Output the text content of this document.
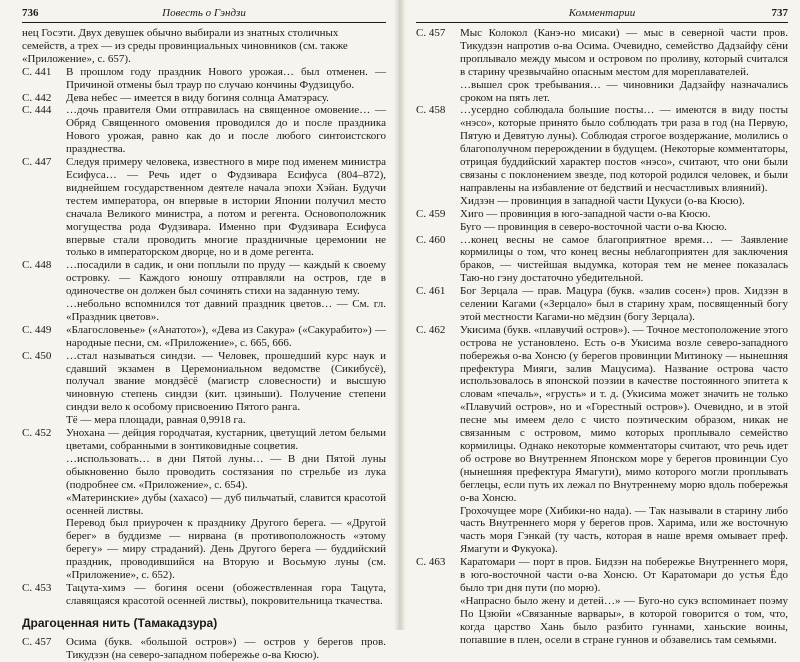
736	Повесть о Гэндзи
нец Госэти. Двух девушек обычно выбирали из знатных столичных семейств, а трех — из среды провинциальных чиновников (см. также «Приложение», с. 657).
С. 441	В прошлом году праздник Нового урожая… был отменен. — Причиной отмены был траур по случаю кончины Фудзицубо.
С. 442	Дева небес — имеется в виду богиня солнца Аматэрасу.
С. 444	…дочь правителя Оми отправилась на священное омовение… — Обряд Священного омовения проводился до и после праздника Нового урожая, равно как до и после любого синтоистского празднества.
С. 447	Следуя примеру человека, известного в мире под именем министра Есифуса… — Речь идет о Фудзивара Есифуса (804–872), виднейшем государственном деятеле начала эпохи Хэйан. Будучи тестем императора, он впервые в истории Японии получил место сначала Великого министра, а потом и регента. Основоположник могущества рода Фудзивара. Именно при Фудзивара Есифуса впервые стали проводить многие праздничные церемонии не только в императорском дворце, но и в доме регента.
С. 448	…посадили в садик, и они поплыли по пруду — каждый к своему островку. — Каждого юношу отправляли на остров, где в одиночестве он должен был сочинять стихи на заданную тему.
…небольно вспомнился тот давний праздник цветов… — См. гл. «Праздник цветов».
С. 449	«Благословенье» («Анатото»), «Дева из Сакура» («Сакурабито») — народные песни, см. «Приложение», с. 665, 666.
С. 450	…стал называться синдзи. — Человек, прошедший курс наук и сдавший экзамен в Церемониальном ведомстве (Сикибусё), получал звание мондзёсё (магистр словесности) и высшую чиновную степень синдзи (кит. цзиньши). Получение степени синдзи вело к особому присвоению Пятого ранга.
Тё — мера площади, равная 0,9918 га.
С. 452	Унохана — дейция городчатая, кустарник, цветущий летом белыми цветами, собранными в зонтиковидные соцветия.
…использовать… в дни Пятой луны… — В дни Пятой луны обыкновенно было проводить состязания по стрельбе из лука (подробнее см. «Приложение», с. 654).
«Материнские» дубы (хахасо) — дуб пильчатый, славится красотой осенней листвы.
Перевод был приурочен к празднику Другого берега. — «Другой берег» в буддизме — нирвана (в противоположность «этому берегу» — миру страданий). День Другого берега — буддийский праздник, проводившийся на Вторую и Восьмую луны (см. «Приложение», с. 652).
С. 453	Тацута-химэ — богиня осени (обожествленная гора Тацута, славящаяся красотой осенней листвы), покровительница ткачества.
Драгоценная нить (Тамакадзура)
С. 457	Осима (букв. «большой остров») — остров у берегов пров. Тикудзэн (на северо-западном побережье о-ва Кюсю).
Комментарии	737
С. 457	Мыс Колокол (Канэ-но мисаки) — мыс в северной части пров. Тикудзэн напротив о-ва Осима. Очевидно, семейство Дадзайфу сёни проплывало между мысом и островом по проливу, который считался в старину чрезвычайно опасным местом для мореплавателей.
…вышел срок требывания… — чиновники Дадзайфу назначались сроком на пять лет.
С. 458	…усердно соблюдала большие посты… — имеются в виду посты «нэсо», которые принято было соблюдать три раза в год (на Первую, Пятую и Девятую луны). Соблюдая строгое воздержание, молились о благополучном перерождении в будущем. (Некоторые комментаторы, отрицая буддийский характер постов «нэсо», считают, что они были связаны с поклонением звезде, под которой родился человек, и были направлены на избавление от бедствий и несчастливых влияний).
Хидзэн — провинция в западной части Цукуси (о-ва Кюсю).
С. 459	Хиго — провинция в юго-западной части о-ва Кюсю.
Буго — провинция в северо-восточной части о-ва Кюсю.
С. 460	…конец весны не самое благоприятное время… — Заявление кормилицы о том, что конец весны неблагоприятен для заключения браков, — чистейшая выдумка, которая тем не менее показалась Таю-но гэну достаточно убедительной.
С. 461	Бог Зерцала — прав. Мацура (букв. «залив сосен») пров. Хидзэн в селении Кагами («Зерцало» был в старину храм, посвященный богу этой местности Кагами-но мёдзин (богу Зерцала).
С. 462	Укисима (букв. «плавучий остров»). — Точное местоположение этого острова не установлено. Есть о-в Укисима возле северо-западного побережья о-ва Хонсю (у берегов провинции Митиноку — нынешняя префектура Мияги, залив Мацусима). Название острова часто использовалось в японской поэзии в качестве постоянного эпитета к словам «печаль», «грусть» и т. д. (Укисима может значить не только «Плавучий остров», но и «Горестный остров»). Очевидно, и в этой песне мы имеем дело с чисто поэтическим образом, никак не связанным с островом, мимо которых проплывало семейство кормилицы. Однако некоторые комментаторы считают, что речь идет об острове во Внутреннем Японском море у берегов провинции Суо (нынешняя префектура Ямагути), мимо которого могли проплывать беглецы, если путь их лежал по Внутреннему морю вдоль побережья о-ва Хонсю.
Грохочущее море (Хибики-но нада). — Так называли в старину либо часть Внутреннего моря у берегов пров. Харима, или же восточную часть моря Гэнкай (ту часть, которая в наше время омывает преф. Ямагути и Фукуока).
С. 463	Каратомари — порт в пров. Бидзэн на побережье Внутреннего моря, в юго-восточной части о-ва Хонсю. От Каратомари до устья Ёдо было три дня пути (по морю).
«Напрасно было жену и детей…» — Буго-но сукэ вспоминает поэму По Цзюйи «Связанные варвары», в которой говорится о том, что, когда царство Хань было разбито гуннами, ханьские воины, попавшие в плен, осели в стране гуннов и обзавелись там семьями.
